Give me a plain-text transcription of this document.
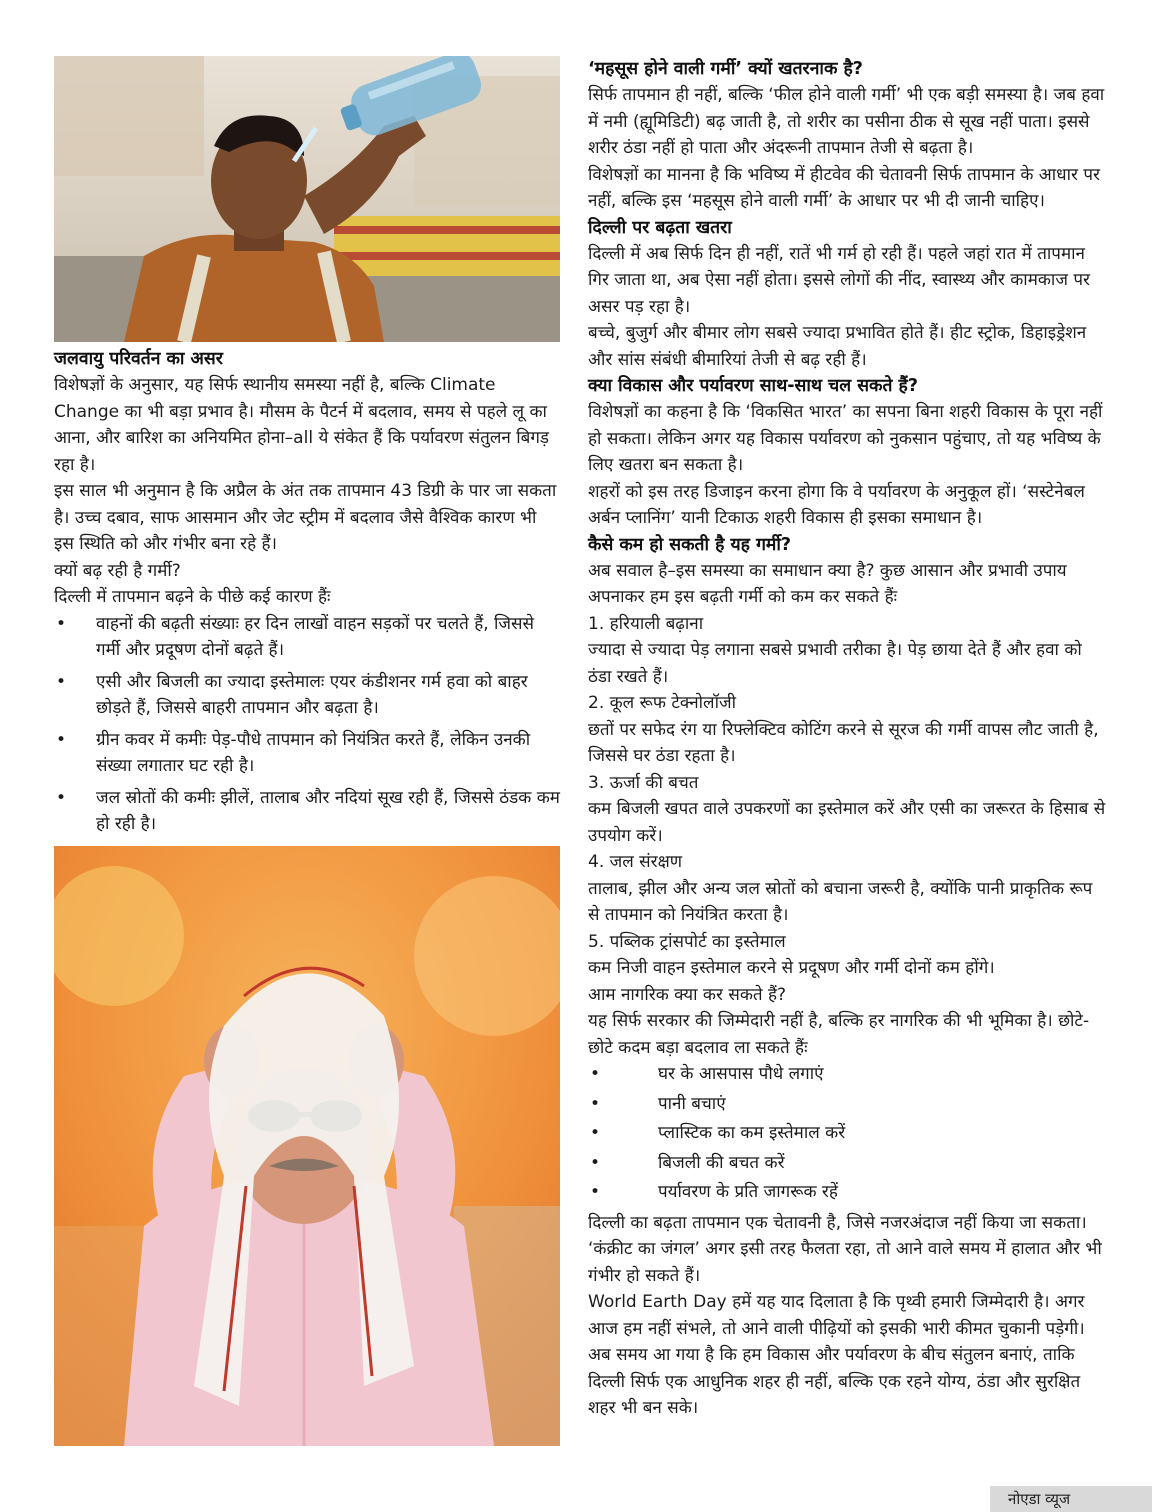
जलवायु परिवर्तन का असर

विशेषज्ञों के अनुसार, यह सिर्फ स्थानीय समस्या नहीं है, बल्कि Climate Change का भी बड़ा प्रभाव है। मौसम के पैटर्न में बदलाव, समय से पहले लू का आना, और बारिश का अनियमित होना–all ये संकेत हैं कि पर्यावरण संतुलन बिगड़ रहा है।

इस साल भी अनुमान है कि अप्रैल के अंत तक तापमान 43 डिग्री के पार जा सकता है। उच्च दबाव, साफ आसमान और जेट स्ट्रीम में बदलाव जैसे वैश्विक कारण भी इस स्थिति को और गंभीर बना रहे हैं।

क्यों बढ़ रही है गर्मी?

दिल्ली में तापमान बढ़ने के पीछे कई कारण हैंः

• वाहनों की बढ़ती संख्याः हर दिन लाखों वाहन सड़कों पर चलते हैं, जिससे गर्मी और प्रदूषण दोनों बढ़ते हैं।
• एसी और बिजली का ज्यादा इस्तेमालः एयर कंडीशनर गर्म हवा को बाहर छोड़ते हैं, जिससे बाहरी तापमान और बढ़ता है।
• ग्रीन कवर में कमीः पेड़-पौधे तापमान को नियंत्रित करते हैं, लेकिन उनकी संख्या लगातार घट रही है।
• जल स्रोतों की कमीः झीलें, तालाब और नदियां सूख रही हैं, जिससे ठंडक कम हो रही है।
‘महसूस होने वाली गर्मी’ क्यों खतरनाक है?

सिर्फ तापमान ही नहीं, बल्कि ‘फील होने वाली गर्मी’ भी एक बड़ी समस्या है। जब हवा में नमी (ह्यूमिडिटी) बढ़ जाती है, तो शरीर का पसीना ठीक से सूख नहीं पाता। इससे शरीर ठंडा नहीं हो पाता और अंदरूनी तापमान तेजी से बढ़ता है।

विशेषज्ञों का मानना है कि भविष्य में हीटवेव की चेतावनी सिर्फ तापमान के आधार पर नहीं, बल्कि इस ‘महसूस होने वाली गर्मी’ के आधार पर भी दी जानी चाहिए।

दिल्ली पर बढ़ता खतरा

दिल्ली में अब सिर्फ दिन ही नहीं, रातें भी गर्म हो रही हैं। पहले जहां रात में तापमान गिर जाता था, अब ऐसा नहीं होता। इससे लोगों की नींद, स्वास्थ्य और कामकाज पर असर पड़ रहा है।

बच्चे, बुजुर्ग और बीमार लोग सबसे ज्यादा प्रभावित होते हैं। हीट स्ट्रोक, डिहाइड्रेशन और सांस संबंधी बीमारियां तेजी से बढ़ रही हैं।

क्या विकास और पर्यावरण साथ-साथ चल सकते हैं?

विशेषज्ञों का कहना है कि ‘विकसित भारत’ का सपना बिना शहरी विकास के पूरा नहीं हो सकता। लेकिन अगर यह विकास पर्यावरण को नुकसान पहुंचाए, तो यह भविष्य के लिए खतरा बन सकता है।

शहरों को इस तरह डिजाइन करना होगा कि वे पर्यावरण के अनुकूल हों। ‘सस्टेनेबल अर्बन प्लानिंग’ यानी टिकाऊ शहरी विकास ही इसका समाधान है।

कैसे कम हो सकती है यह गर्मी?

अब सवाल है–इस समस्या का समाधान क्या है? कुछ आसान और प्रभावी उपाय अपनाकर हम इस बढ़ती गर्मी को कम कर सकते हैंः

1. हरियाली बढ़ाना

ज्यादा से ज्यादा पेड़ लगाना सबसे प्रभावी तरीका है। पेड़ छाया देते हैं और हवा को ठंडा रखते हैं।

2. कूल रूफ टेक्नोलॉजी

छतों पर सफेद रंग या रिफ्लेक्टिव कोटिंग करने से सूरज की गर्मी वापस लौट जाती है, जिससे घर ठंडा रहता है।

3. ऊर्जा की बचत

कम बिजली खपत वाले उपकरणों का इस्तेमाल करें और एसी का जरूरत के हिसाब से उपयोग करें।

4. जल संरक्षण

तालाब, झील और अन्य जल स्रोतों को बचाना जरूरी है, क्योंकि पानी प्राकृतिक रूप से तापमान को नियंत्रित करता है।

5. पब्लिक ट्रांसपोर्ट का इस्तेमाल

कम निजी वाहन इस्तेमाल करने से प्रदूषण और गर्मी दोनों कम होंगे।

आम नागरिक क्या कर सकते हैं?

यह सिर्फ सरकार की जिम्मेदारी नहीं है, बल्कि हर नागरिक की भी भूमिका है। छोटे-छोटे कदम बड़ा बदलाव ला सकते हैंः

•	घर के आसपास पौधे लगाएं
•	पानी बचाएं
•	प्लास्टिक का कम इस्तेमाल करें
•	बिजली की बचत करें
•	पर्यावरण के प्रति जागरूक रहें

दिल्ली का बढ़ता तापमान एक चेतावनी है, जिसे नजरअंदाज नहीं किया जा सकता। ‘कंक्रीट का जंगल’ अगर इसी तरह फैलता रहा, तो आने वाले समय में हालात और भी गंभीर हो सकते हैं।

World Earth Day हमें यह याद दिलाता है कि पृथ्वी हमारी जिम्मेदारी है। अगर आज हम नहीं संभले, तो आने वाली पीढ़ियों को इसकी भारी कीमत चुकानी पड़ेगी। अब समय आ गया है कि हम विकास और पर्यावरण के बीच संतुलन बनाएं, ताकि दिल्ली सिर्फ एक आधुनिक शहर ही नहीं, बल्कि एक रहने योग्य, ठंडा और सुरक्षित शहर भी बन सके।

नोएडा व्यूज
